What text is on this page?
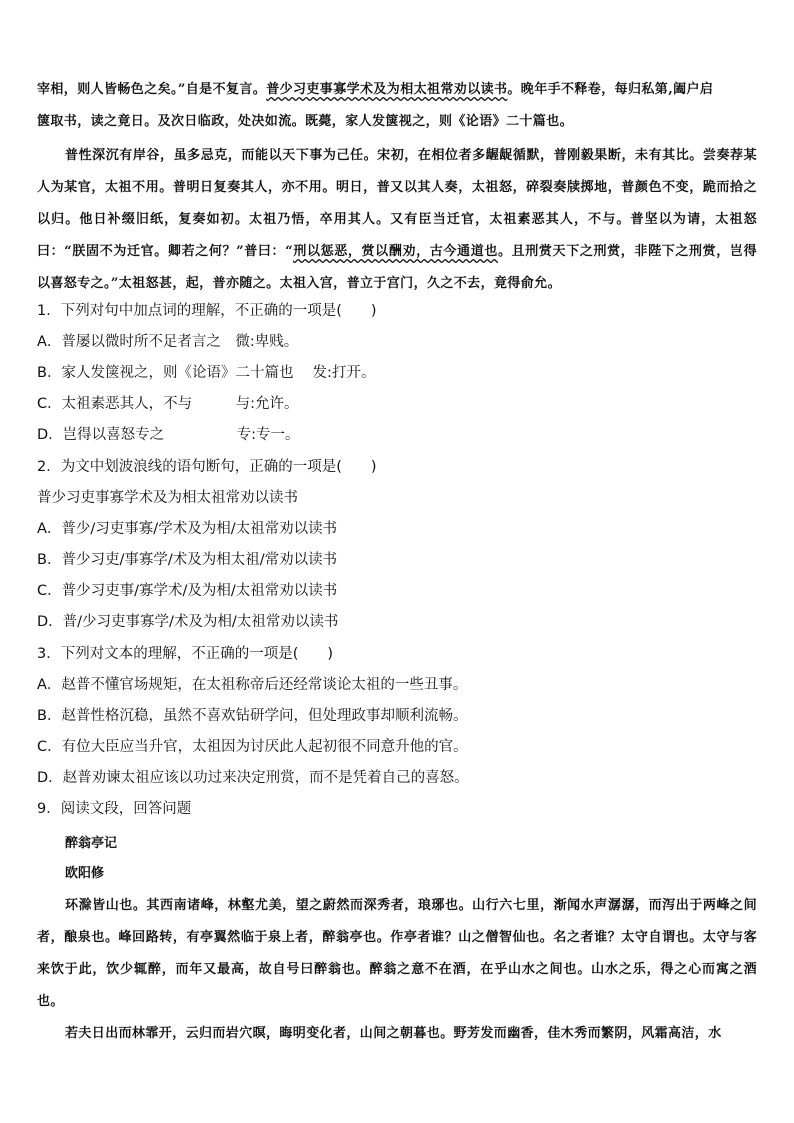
宰相，则人皆畅色之矣。”自是不复言。普少习吏事寡学术及为相太祖常劝以读书。晚年手不释卷，每归私第,阖户启

箧取书，读之竟日。及次日临政，处决如流。既薨，家人发箧视之，则《论语》二十篇也。

普性深沉有岸谷，虽多忌克，而能以天下事为己任。宋初，在相位者多龌龊循默，普刚毅果断，未有其比。尝奏荐某人为某官，太祖不用。普明日复奏其人，亦不用。明日，普又以其人奏，太祖怒，碎裂奏牍掷地，普颜色不变，跪而拾之以归。他日补缀旧纸，复奏如初。太祖乃悟，卒用其人。又有臣当迁官，太祖素恶其人，不与。普坚以为请，太祖怒曰：“朕固不为迁官。卿若之何？”普曰：“刑以惩恶，赏以酬劝，古今通道也。且刑赏天下之刑赏，非陛下之刑赏，岂得以喜怒专之。”太祖怒甚，起，普亦随之。太祖入宫，普立于宫门，久之不去，竟得俞允。

1．下列对句中加点词的理解，不正确的一项是(　　)

A．普屡以微时所不足者言之　微:卑贱。

B．家人发箧视之，则《论语》二十篇也　 发:打开。

C．太祖素恶其人，不与　　　与:允许。

D．岂得以喜怒专之　　　　　专:专一。

2．为文中划波浪线的语句断句，正确的一项是(　　)

普少习吏事寡学术及为相太祖常劝以读书

A．普少/习吏事寡/学术及为相/太祖常劝以读书

B．普少习吏/事寡学/术及为相太祖/常劝以读书

C．普少习吏事/寡学术/及为相/太祖常劝以读书

D．普/少习吏事寡学/术及为相/太祖常劝以读书

3．下列对文本的理解，不正确的一项是(　　)

A．赵普不懂官场规矩，在太祖称帝后还经常谈论太祖的一些丑事。

B．赵普性格沉稳，虽然不喜欢钻研学问，但处理政事却顺利流畅。

C．有位大臣应当升官，太祖因为讨厌此人起初很不同意升他的官。

D．赵普劝谏太祖应该以功过来决定刑赏，而不是凭着自己的喜怒。

9．阅读文段，回答问题

醉翁亭记

欧阳修

环滁皆山也。其西南诸峰，林壑尤美，望之蔚然而深秀者，琅琊也。山行六七里，渐闻水声潺潺，而泻出于两峰之间者，酿泉也。峰回路转，有亭翼然临于泉上者，醉翁亭也。作亭者谁？山之僧智仙也。名之者谁？太守自谓也。太守与客来饮于此，饮少辄醉，而年又最高，故自号曰醉翁也。醉翁之意不在酒，在乎山水之间也。山水之乐，得之心而寓之酒也。

若夫日出而林霏开，云归而岩穴暝，晦明变化者，山间之朝暮也。野芳发而幽香，佳木秀而繁阴，风霜高洁，水
